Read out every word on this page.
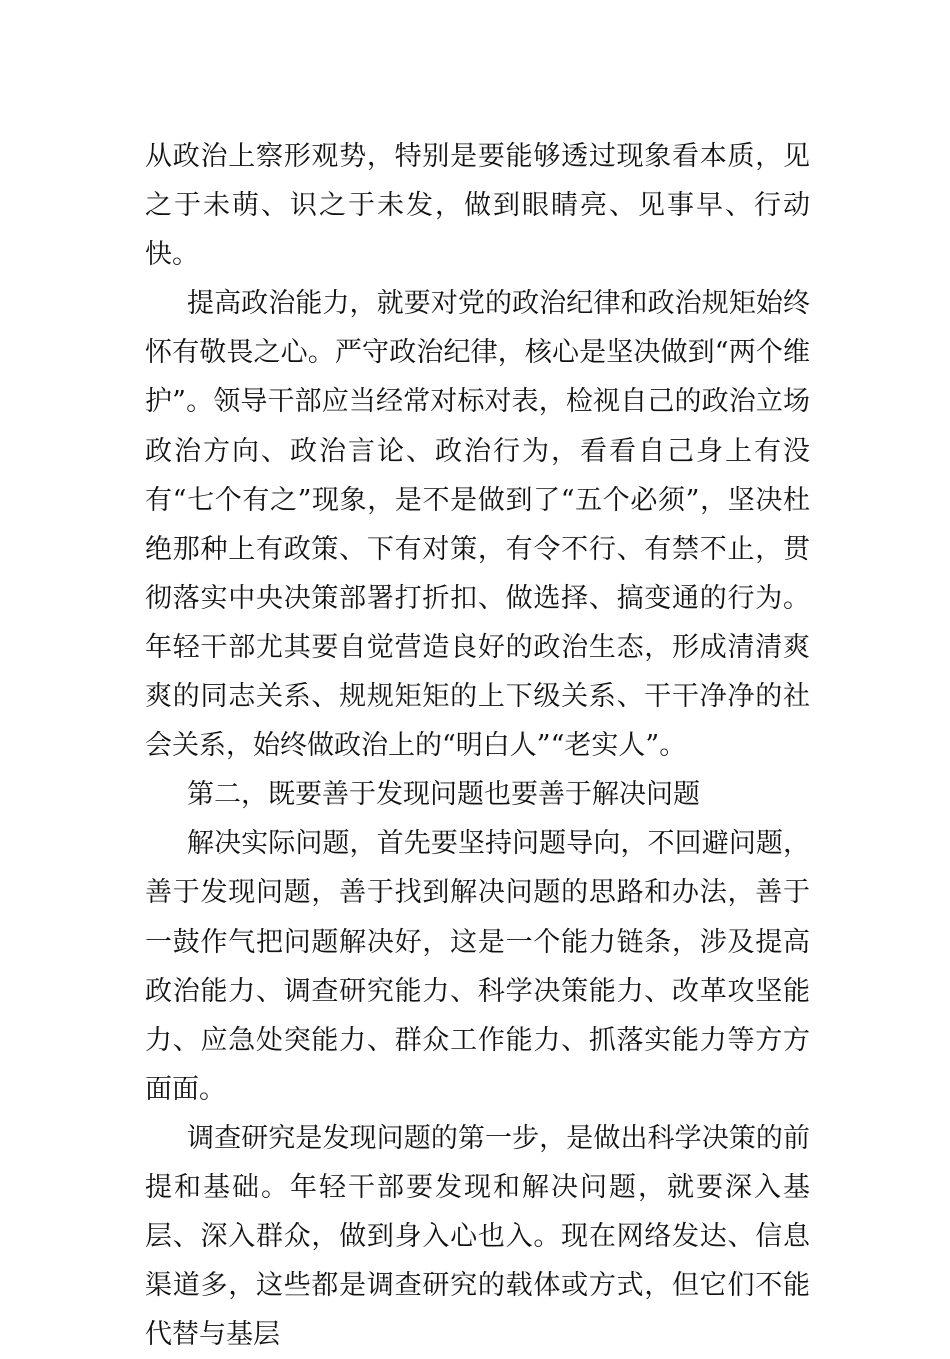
从政治上察形观势，特别是要能够透过现象看本质，见之于未萌、识之于未发，做到眼睛亮、见事早、行动快。

提高政治能力，就要对党的政治纪律和政治规矩始终怀有敬畏之心。严守政治纪律，核心是坚决做到“两个维护”。领导干部应当经常对标对表，检视自己的政治立场政治方向、政治言论、政治行为，看看自己身上有没有“七个有之”现象，是不是做到了“五个必须”，坚决杜绝那种上有政策、下有对策，有令不行、有禁不止，贯彻落实中央决策部署打折扣、做选择、搞变通的行为。年轻干部尤其要自觉营造良好的政治生态，形成清清爽爽的同志关系、规规矩矩的上下级关系、干干净净的社会关系，始终做政治上的“明白人”“老实人”。

第二，既要善于发现问题也要善于解决问题

解决实际问题，首先要坚持问题导向，不回避问题，善于发现问题，善于找到解决问题的思路和办法，善于一鼓作气把问题解决好，这是一个能力链条，涉及提高政治能力、调查研究能力、科学决策能力、改革攻坚能力、应急处突能力、群众工作能力、抓落实能力等方方面面。

调查研究是发现问题的第一步，是做出科学决策的前提和基础。年轻干部要发现和解决问题，就要深入基层、深入群众，做到身入心也入。现在网络发达、信息渠道多，这些都是调查研究的载体或方式，但它们不能代替与基层
